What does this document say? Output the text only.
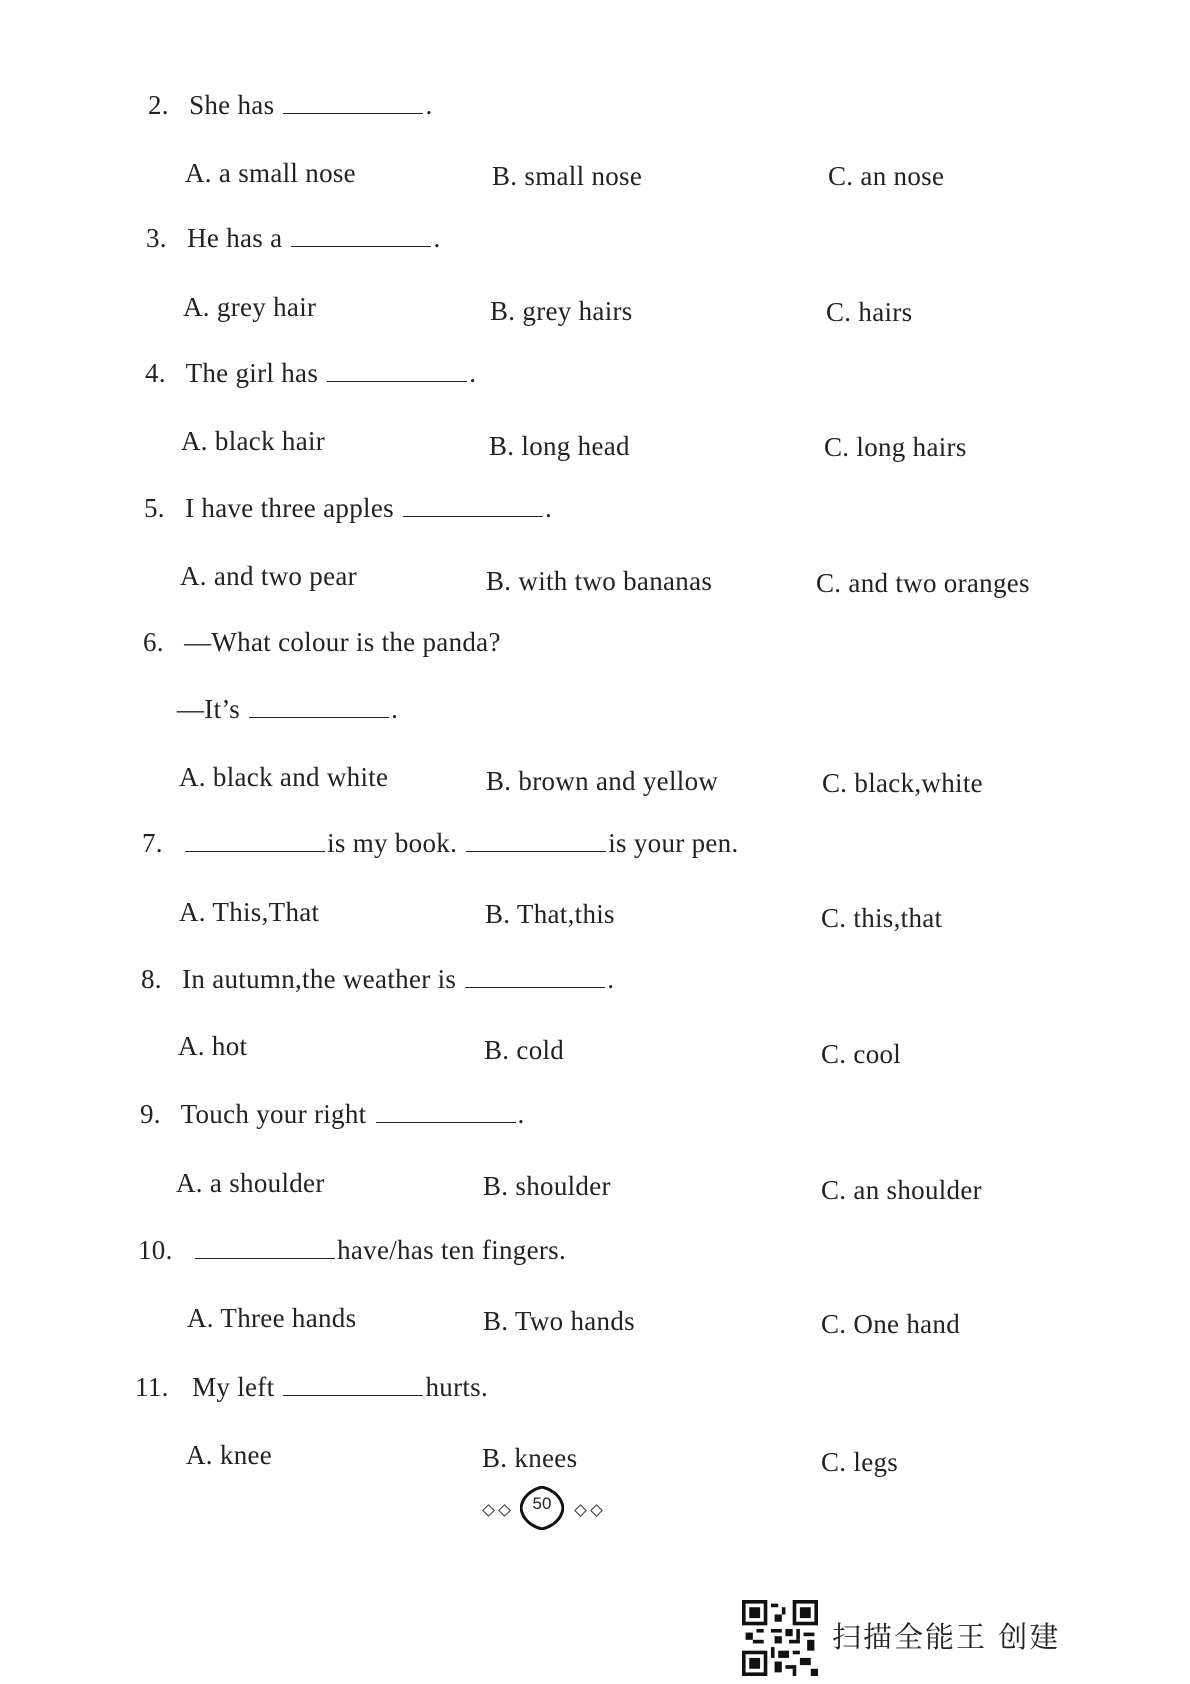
2. She has	.
A. a small nose	B. small nose	C. an nose
3. He has a	.
A. grey hair	B. grey hairs	C. hairs
4. The girl has	.
A. black hair	B. long head	C. long hairs
5. I have three apples	.
A. and two pear	B. with two bananas	C. and two oranges
6. —What colour is the panda?
—It’s	.
A. black and white	B. brown and yellow	C. black,white
7.	is my book.	is your pen.
A. This,That	B. That,this	C. this,that
8. In autumn,the weather is	.
A. hot	B. cold	C. cool
9. Touch your right	.
A. a shoulder	B. shoulder	C. an shoulder
10.	have/has ten fingers.
A. Three hands	B. Two hands	C. One hand
11. My left	hurts.
A. knee	B. knees	C. legs
50
扫描全能王 创建
